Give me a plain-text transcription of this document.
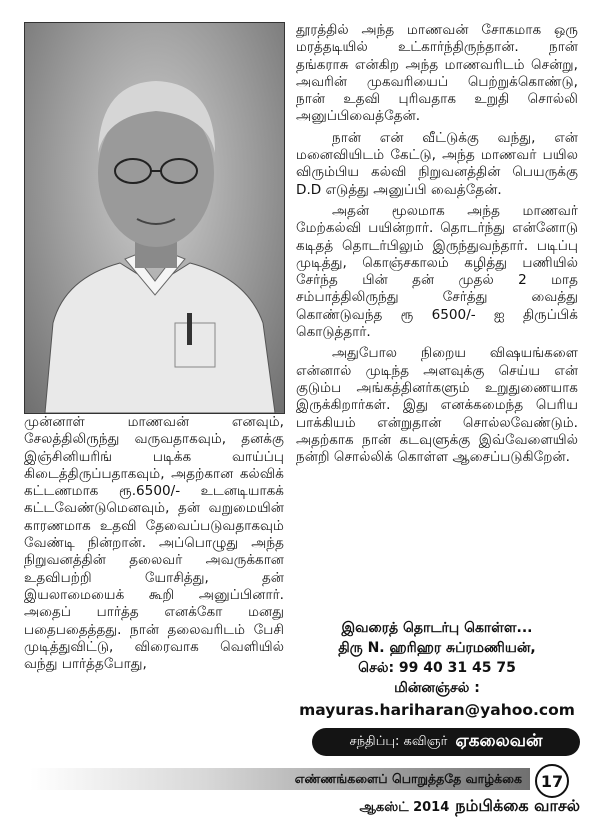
முன்னாள் மாணவன் எனவும், சேலத்திலிருந்து வருவதாகவும், தனக்கு இஞ்சினியரிங் படிக்க வாய்ப்பு கிடைத்திருப்பதாகவும், அதற்கான கல்விக் கட்டணமாக ரூ.6500/- உடனடியாகக் கட்டவேண்டுமெனவும், தன் வறுமையின் காரணமாக உதவி தேவைப்படுவதாகவும் வேண்டி நின்றான். அப்பொழுது அந்த நிறுவனத்தின் தலைவர் அவருக்கான உதவிபற்றி யோசித்து, தன் இயலாமையைக் கூறி அனுப்பினார். அதைப் பார்த்த எனக்கோ மனது பதைபதைத்தது. நான் தலைவரிடம் பேசி முடித்துவிட்டு, விரைவாக வெளியில் வந்து பார்த்தபோது,

தூரத்தில் அந்த மாணவன் சோகமாக ஒரு மரத்தடியில் உட்கார்ந்திருந்தான். நான் தங்கராசு என்கிற அந்த மாணவரிடம் சென்று, அவரின் முகவரியைப் பெற்றுக்கொண்டு, நான் உதவி புரிவதாக உறுதி சொல்லி அனுப்பிவைத்தேன்.

நான் என் வீட்டுக்கு வந்து, என் மனைவியிடம் கேட்டு, அந்த மாணவர் பயில விரும்பிய கல்வி நிறுவனத்தின் பெயருக்கு D.D எடுத்து அனுப்பி வைத்தேன்.

அதன் மூலமாக அந்த மாணவர் மேற்கல்வி பயின்றார். தொடர்ந்து என்னோடு கடிதத் தொடர்பிலும் இருந்துவந்தார். படிப்பு முடித்து, கொஞ்சகாலம் கழித்து பணியில் சேர்ந்த பின் தன் முதல் 2 மாத சம்பாத்திலிருந்து சேர்த்து வைத்து கொண்டுவந்த ரூ 6500/- ஐ திருப்பிக் கொடுத்தார்.

அதுபோல நிறைய விஷயங்களை என்னால் முடிந்த அளவுக்கு செய்ய என் குடும்ப அங்கத்தினர்களும் உறுதுணையாக இருக்கிறார்கள். இது எனக்கமைந்த பெரிய பாக்கியம் என்றுதான் சொல்லவேண்டும். அதற்காக நான் கடவுளுக்கு இவ்வேளையில் நன்றி சொல்லிக் கொள்ள ஆசைப்படுகிறேன்.

இவரைத் தொடர்பு கொள்ள...
திரு N. ஹரிஹர சுப்ரமணியன்,
செல்: 99 40 31 45 75
மின்னஞ்சல் :
mayuras.hariharan@yahoo.com
சந்திப்பு: கவிஞர் ஏகலைவன்
எண்ணங்களைப் பொறுத்ததே வாழ்க்கை	17
ஆகஸ்ட் 2014 நம்பிக்கை வாசல்
